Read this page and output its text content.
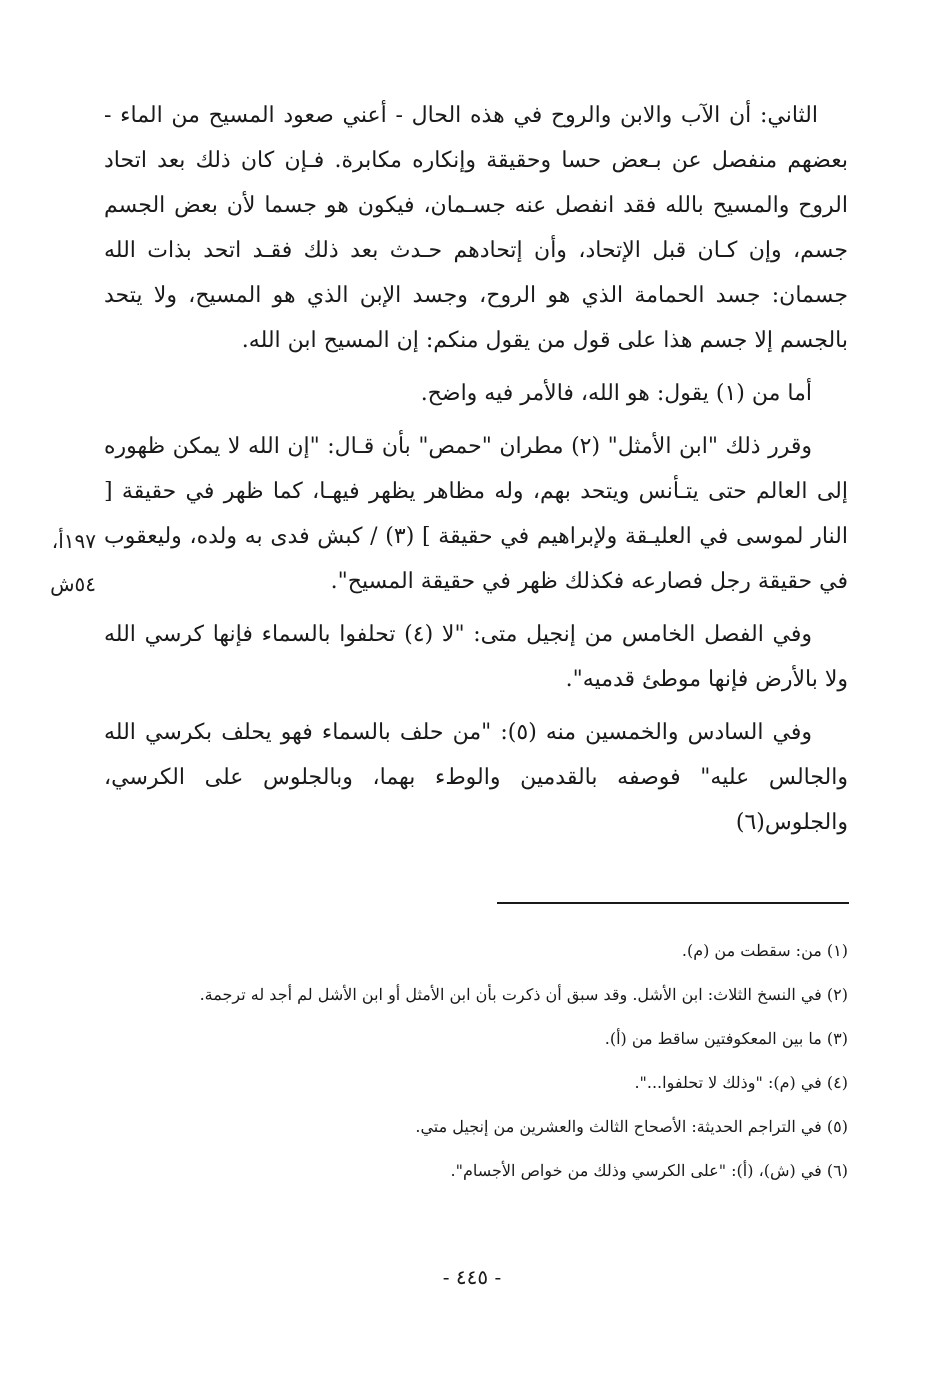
الثاني: أن الآب والابن والروح في هذه الحال - أعني صعود المسيح من الماء - بعضهم منفصل عن بـعض حسا وحقيقة وإنكاره مكابرة. فـإن كان ذلك بعد اتحاد الروح والمسيح بالله فقد انفصل عنه جسـمان، فيكون هو جسما لأن بعض الجسم جسم، وإن كـان قبل الإتحاد، وأن إتحادهم حـدث بعد ذلك فقـد اتحد بذات الله جسمان: جسد الحمامة الذي هو الروح، وجسد الإبن الذي هو المسيح، ولا يتحد بالجسم إلا جسم هذا على قول من يقول منكم: إن المسيح ابن الله.

أما من (١) يقول: هو الله، فالأمر فيه واضح.

وقرر ذلك "ابن الأمثل" (٢) مطران "حمص" بأن قـال: "إن الله لا يمكن ظهوره إلى العالم حتى يتـأنس ويتحد بهم، وله مظاهر يظهر فيهـا، كما ظهر في حقيقة [ النار لموسى في العليـقة ولإبراهيم في حقيقة ] (٣) / كبش فدى به ولده، وليعقوب في حقيقة رجل فصارعه فكذلك ظهر في حقيقة المسيح".

وفي الفصل الخامس من إنجيل متى: "لا (٤) تحلفوا بالسماء فإنها كرسي الله ولا بالأرض فإنها موطئ قدميه".

وفي السادس والخمسين منه (٥): "من حلف بالسماء فهو يحلف بكرسي الله والجالس عليه" فوصفه بالقدمين والوطء بهما، وبالجلوس على الكرسي، والجلوس(٦)

١٩٧أ،
٥٤ش
(١) من: سقطت من (م).
(٢) في النسخ الثلاث: ابن الأشل. وقد سبق أن ذكرت بأن ابن الأمثل أو ابن الأشل لم أجد له ترجمة.
(٣) ما بين المعكوفتين ساقط من (أ).
(٤) في (م): "وذلك لا تحلفوا...".
(٥) في التراجم الحديثة: الأصحاح الثالث والعشرين من إنجيل متي.
(٦) في (ش)، (أ): "على الكرسي وذلك من خواص الأجسام".
- ٤٤٥ -
